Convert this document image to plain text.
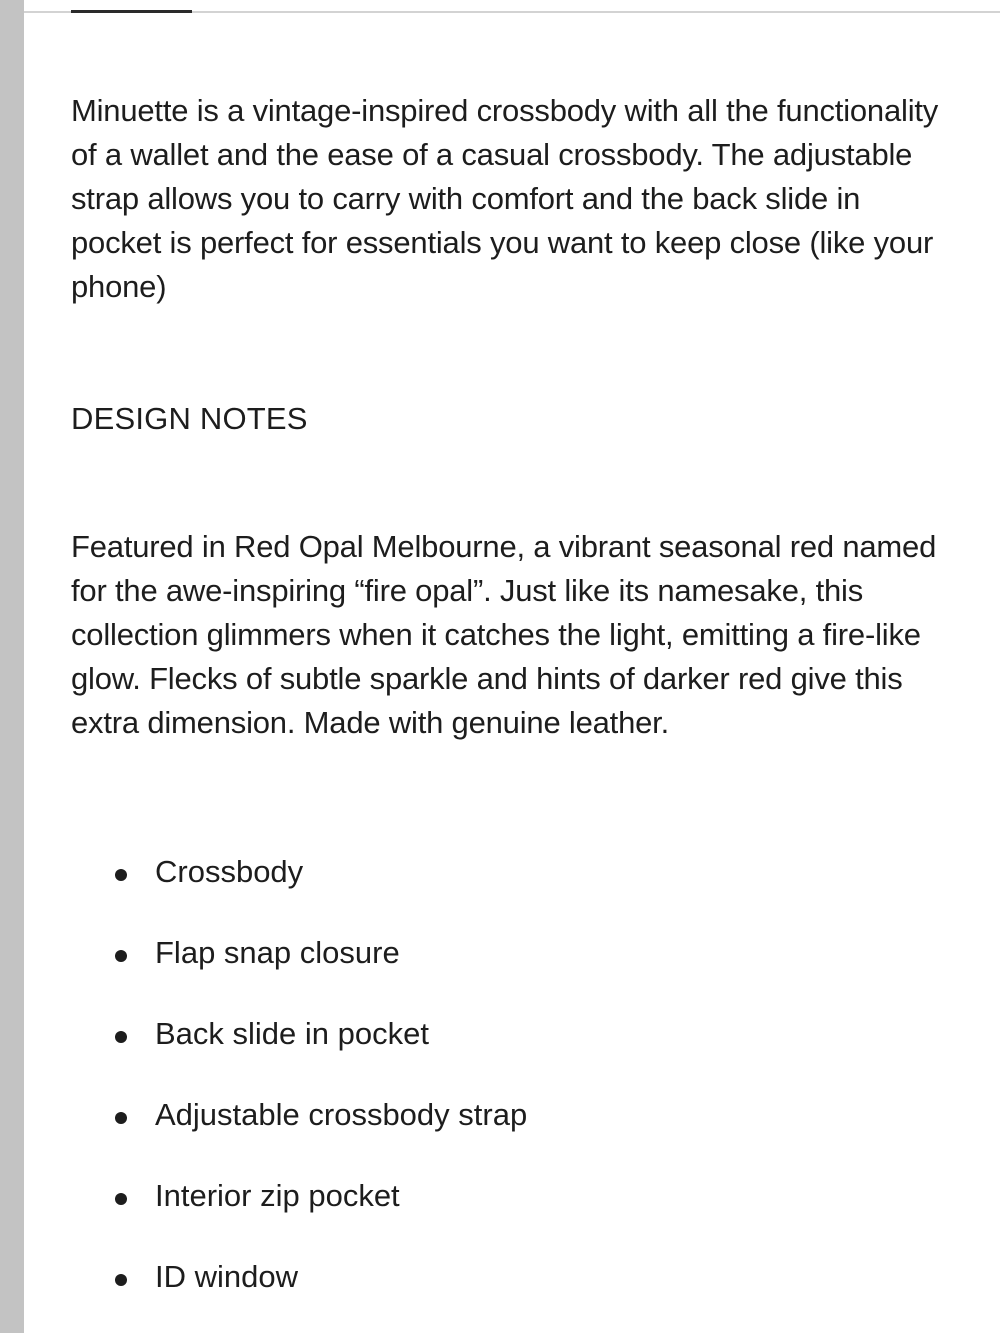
Minuette is a vintage-inspired crossbody with all the functionality of a wallet and the ease of a casual crossbody. The adjustable strap allows you to carry with comfort and the back slide in pocket is perfect for essentials you want to keep close (like your phone)

DESIGN NOTES

Featured in Red Opal Melbourne, a vibrant seasonal red named for the awe-inspiring “fire opal”. Just like its namesake, this collection glimmers when it catches the light, emitting a fire-like glow. Flecks of subtle sparkle and hints of darker red give this extra dimension. Made with genuine leather.

Crossbody
Flap snap closure
Back slide in pocket
Adjustable crossbody strap
Interior zip pocket
ID window
